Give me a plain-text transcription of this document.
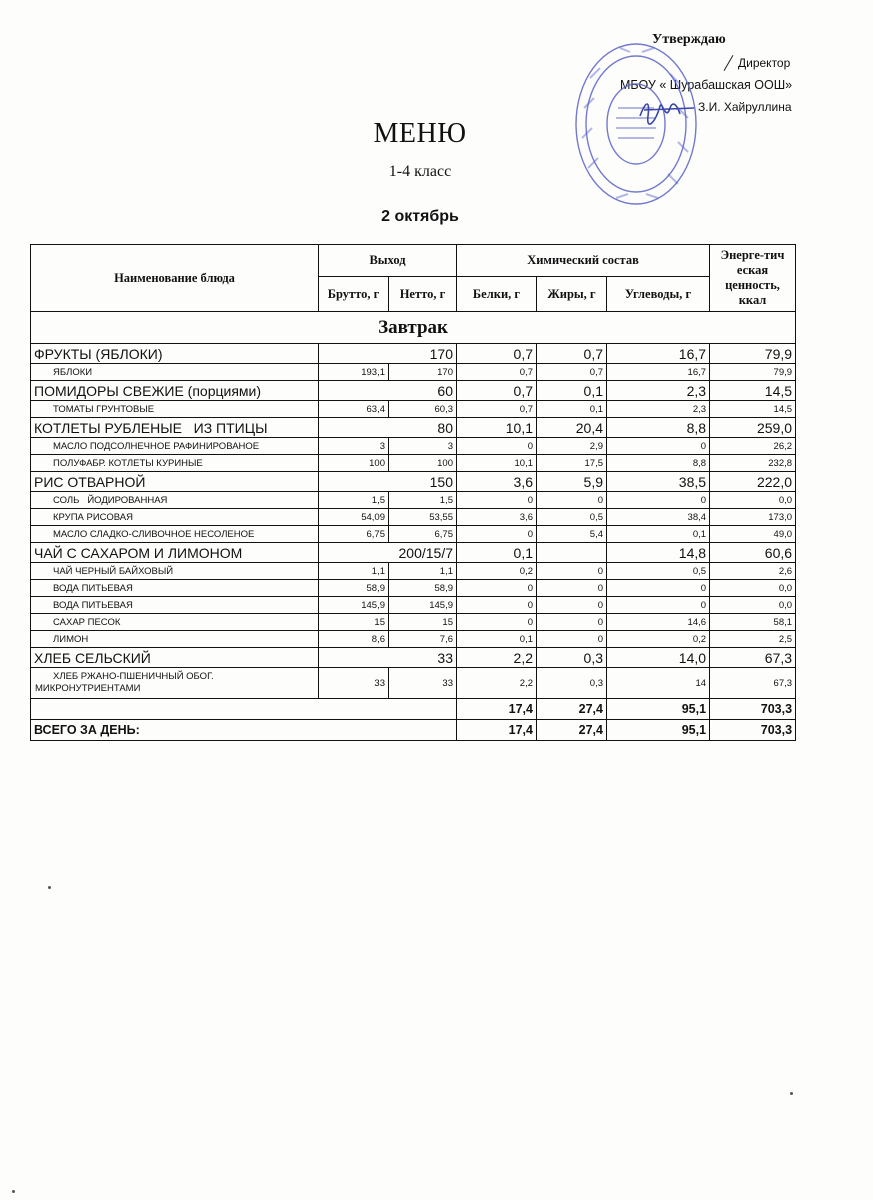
Утверждаю
Директор
МБОУ « Шурабашская ООШ»
З.И. Хайруллина
МЕНЮ
1-4 класс
2 октябрь
Наименование блюда	Выход		Химический состав			Энерге-тич еская ценность, ккал
	Брутто, г	Нетто, г	Белки, г	Жиры, г	Углеводы, г	
Завтрак						
ФРУКТЫ (ЯБЛОКИ)	170		0,7	0,7	16,7	79,9
ЯБЛОКИ	193,1	170	0,7	0,7	16,7	79,9
ПОМИДОРЫ СВЕЖИЕ (порциями)	60		0,7	0,1	2,3	14,5
ТОМАТЫ ГРУНТОВЫЕ	63,4	60,3	0,7	0,1	2,3	14,5
КОТЛЕТЫ РУБЛЕНЫЕ   ИЗ ПТИЦЫ	80		10,1	20,4	8,8	259,0
МАСЛО ПОДСОЛНЕЧНОЕ РАФИНИРОВАНОЕ	3	3	0	2,9	0	26,2
ПОЛУФАБР. КОТЛЕТЫ КУРИНЫЕ	100	100	10,1	17,5	8,8	232,8
РИС ОТВАРНОЙ	150		3,6	5,9	38,5	222,0
СОЛЬ   ЙОДИРОВАННАЯ	1,5	1,5	0	0	0	0,0
КРУПА РИСОВАЯ	54,09	53,55	3,6	0,5	38,4	173,0
МАСЛО СЛАДКО-СЛИВОЧНОЕ НЕСОЛЕНОЕ	6,75	6,75	0	5,4	0,1	49,0
ЧАЙ С САХАРОМ И ЛИМОНОМ	200/15/7		0,1		14,8	60,6
ЧАЙ ЧЕРНЫЙ БАЙХОВЫЙ	1,1	1,1	0,2	0	0,5	2,6
ВОДА ПИТЬЕВАЯ	58,9	58,9	0	0	0	0,0
ВОДА ПИТЬЕВАЯ	145,9	145,9	0	0	0	0,0
САХАР ПЕСОК	15	15	0	0	14,6	58,1
ЛИМОН	8,6	7,6	0,1	0	0,2	2,5
ХЛЕБ СЕЛЬСКИЙ	33		2,2	0,3	14,0	67,3
ХЛЕБ РЖАНО-ПШЕНИЧНЫЙ ОБОГ. МИКРОНУТРИЕНТАМИ	33	33	2,2	0,3	14	67,3
			17,4	27,4	95,1	703,3
ВСЕГО ЗА ДЕНЬ:			17,4	27,4	95,1	703,3
